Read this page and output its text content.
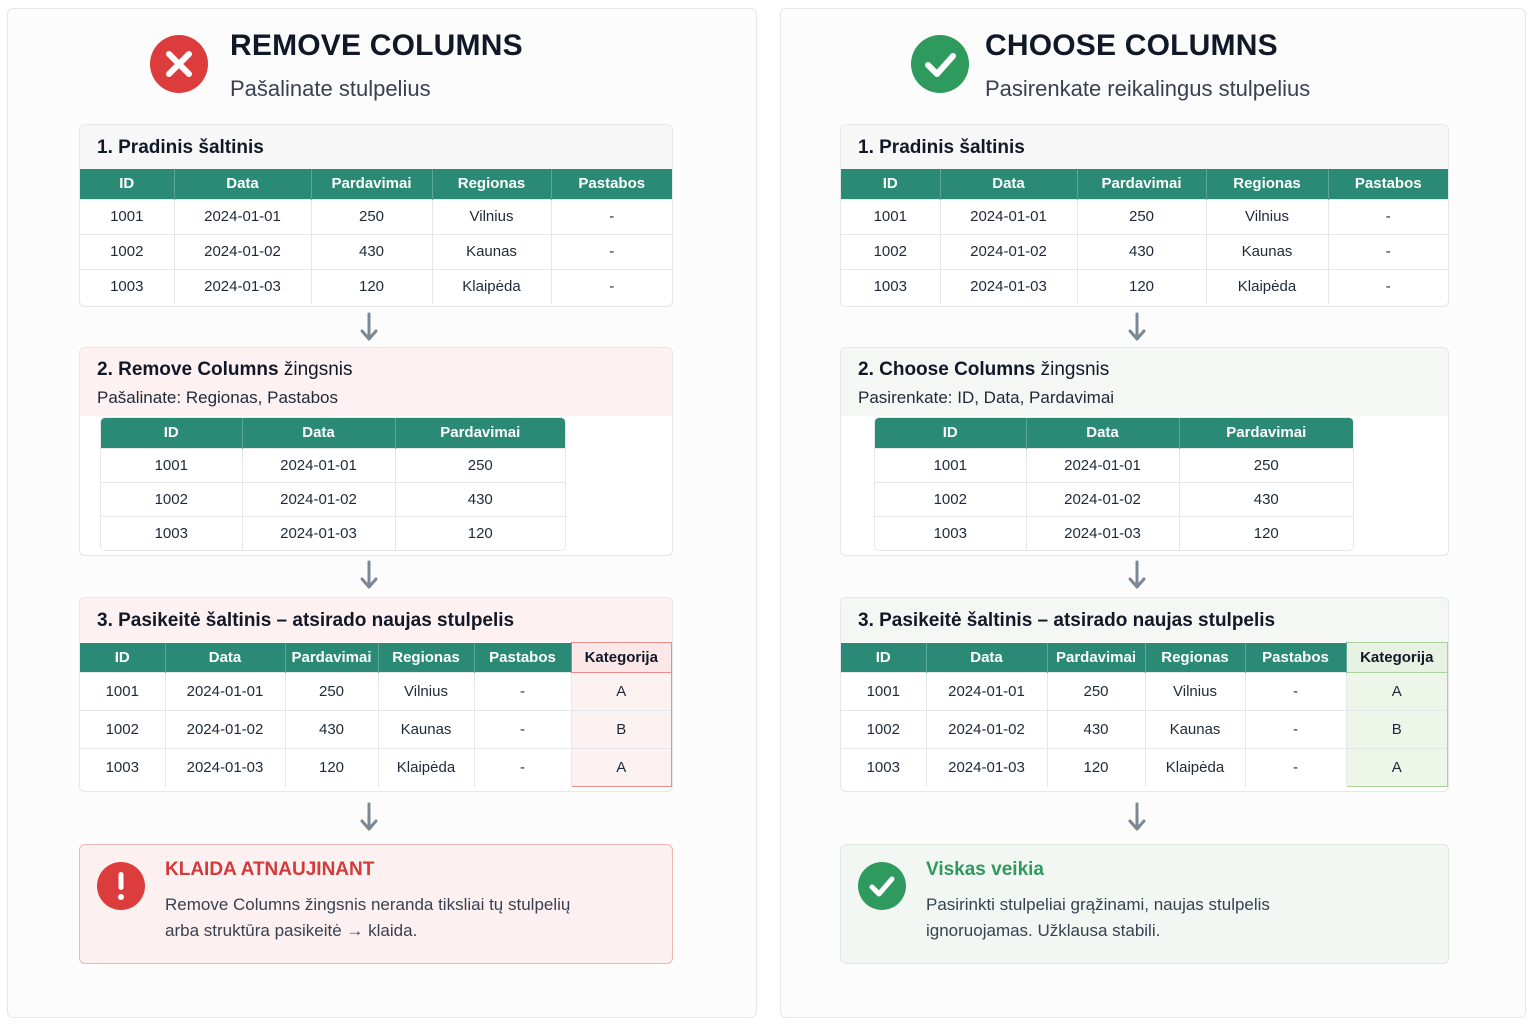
REMOVE COLUMNS
Pašalinate stulpelius
1. Pradinis šaltinis
ID	Data	Pardavimai	Regionas	Pastabos
1001	2024-01-01	250	Vilnius	-
1002	2024-01-02	430	Kaunas	-
1003	2024-01-03	120	Klaipėda	-
2. Remove Columns žingsnis
Pašalinate: Regionas, Pastabos
ID	Data	Pardavimai
1001	2024-01-01	250
1002	2024-01-02	430
1003	2024-01-03	120
3. Pasikeitė šaltinis – atsirado naujas stulpelis
ID	Data	Pardavimai	Regionas	Pastabos	Kategorija
1001	2024-01-01	250	Vilnius	-	A
1002	2024-01-02	430	Kaunas	-	B
1003	2024-01-03	120	Klaipėda	-	A
KLAIDA ATNAUJINANT
Remove Columns žingsnis neranda tiksliai tų stulpelių
arba struktūra pasikeitė → klaida.
CHOOSE COLUMNS
Pasirenkate reikalingus stulpelius
1. Pradinis šaltinis
ID	Data	Pardavimai	Regionas	Pastabos
1001	2024-01-01	250	Vilnius	-
1002	2024-01-02	430	Kaunas	-
1003	2024-01-03	120	Klaipėda	-
2. Choose Columns žingsnis
Pasirenkate: ID, Data, Pardavimai
ID	Data	Pardavimai
1001	2024-01-01	250
1002	2024-01-02	430
1003	2024-01-03	120
3. Pasikeitė šaltinis – atsirado naujas stulpelis
ID	Data	Pardavimai	Regionas	Pastabos	Kategorija
1001	2024-01-01	250	Vilnius	-	A
1002	2024-01-02	430	Kaunas	-	B
1003	2024-01-03	120	Klaipėda	-	A
Viskas veikia
Pasirinkti stulpeliai grąžinami, naujas stulpelis
ignoruojamas. Užklausa stabili.
